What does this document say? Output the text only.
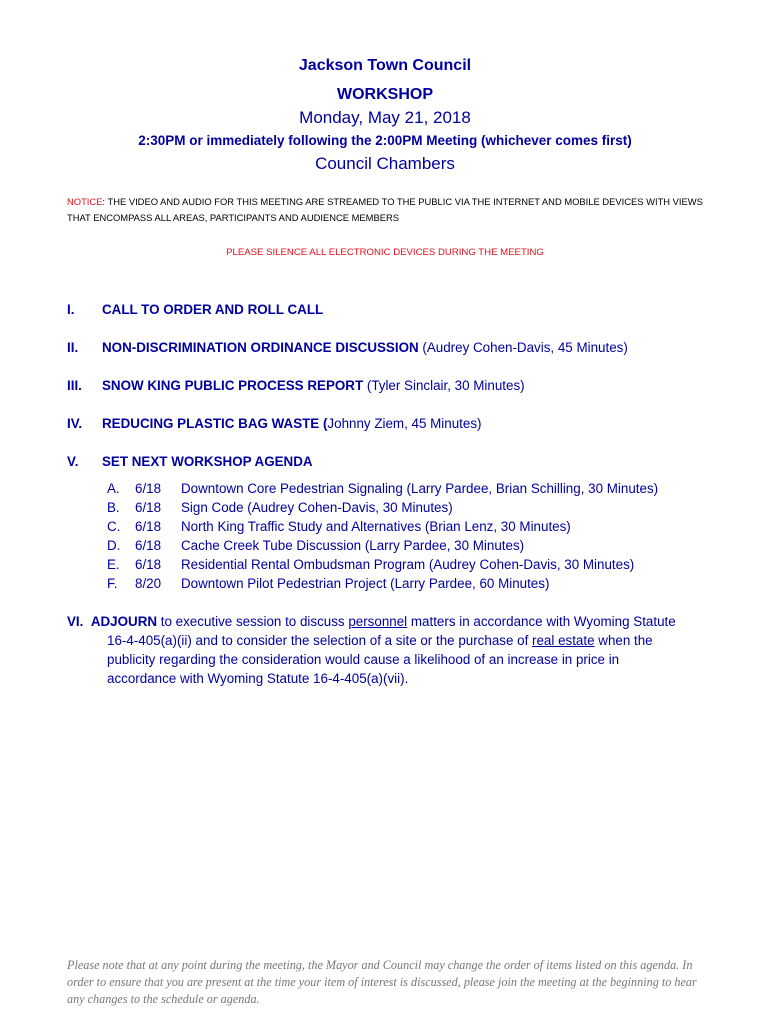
Jackson Town Council
WORKSHOP
Monday, May 21, 2018
2:30PM or immediately following the 2:00PM Meeting (whichever comes first)
Council Chambers
NOTICE: THE VIDEO AND AUDIO FOR THIS MEETING ARE STREAMED TO THE PUBLIC VIA THE INTERNET AND MOBILE DEVICES WITH VIEWS THAT ENCOMPASS ALL AREAS, PARTICIPANTS AND AUDIENCE MEMBERS
PLEASE SILENCE ALL ELECTRONIC DEVICES DURING THE MEETING
I. CALL TO ORDER AND ROLL CALL
II. NON-DISCRIMINATION ORDINANCE DISCUSSION (Audrey Cohen-Davis, 45 Minutes)
III. SNOW KING PUBLIC PROCESS REPORT (Tyler Sinclair, 30 Minutes)
IV. REDUCING PLASTIC BAG WASTE (Johnny Ziem, 45 Minutes)
V. SET NEXT WORKSHOP AGENDA
A. 6/18 Downtown Core Pedestrian Signaling (Larry Pardee, Brian Schilling, 30 Minutes)
B. 6/18 Sign Code (Audrey Cohen-Davis, 30 Minutes)
C. 6/18 North King Traffic Study and Alternatives (Brian Lenz, 30 Minutes)
D. 6/18 Cache Creek Tube Discussion (Larry Pardee, 30 Minutes)
E. 6/18 Residential Rental Ombudsman Program (Audrey Cohen-Davis, 30 Minutes)
F. 8/20 Downtown Pilot Pedestrian Project (Larry Pardee, 60 Minutes)
VI. ADJOURN to executive session to discuss personnel matters in accordance with Wyoming Statute
16-4-405(a)(ii) and to consider the selection of a site or the purchase of real estate when the
publicity regarding the consideration would cause a likelihood of an increase in price in
accordance with Wyoming Statute 16-4-405(a)(vii).
Please note that at any point during the meeting, the Mayor and Council may change the order of items listed on this agenda. In order to ensure that you are present at the time your item of interest is discussed, please join the meeting at the beginning to hear any changes to the schedule or agenda.
